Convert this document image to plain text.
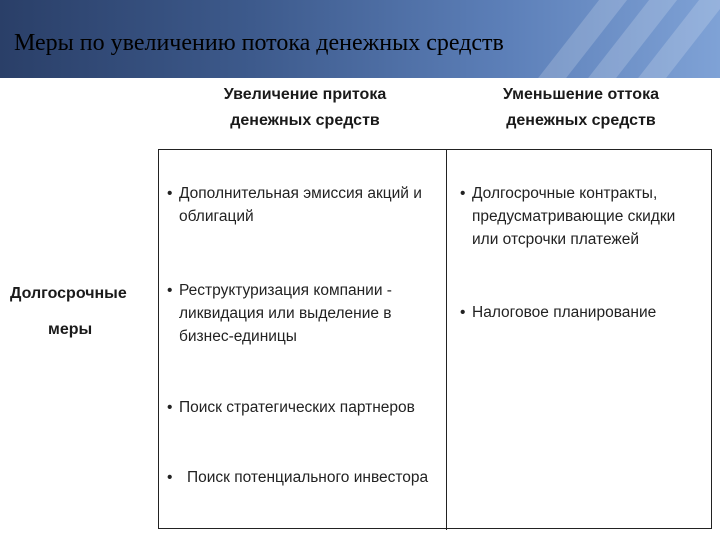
Меры по увеличению потока денежных средств
Увеличение притока
денежных средств
Уменьшение оттока
денежных средств
Долгосрочные
меры
• Дополнительная эмиссия акций и облигаций
• Реструктуризация компании - ликвидация или выделение в бизнес-единицы
• Поиск стратегических партнеров
• Поиск потенциального инвестора
• Долгосрочные контракты, предусматривающие скидки или отсрочки платежей
• Налоговое планирование
